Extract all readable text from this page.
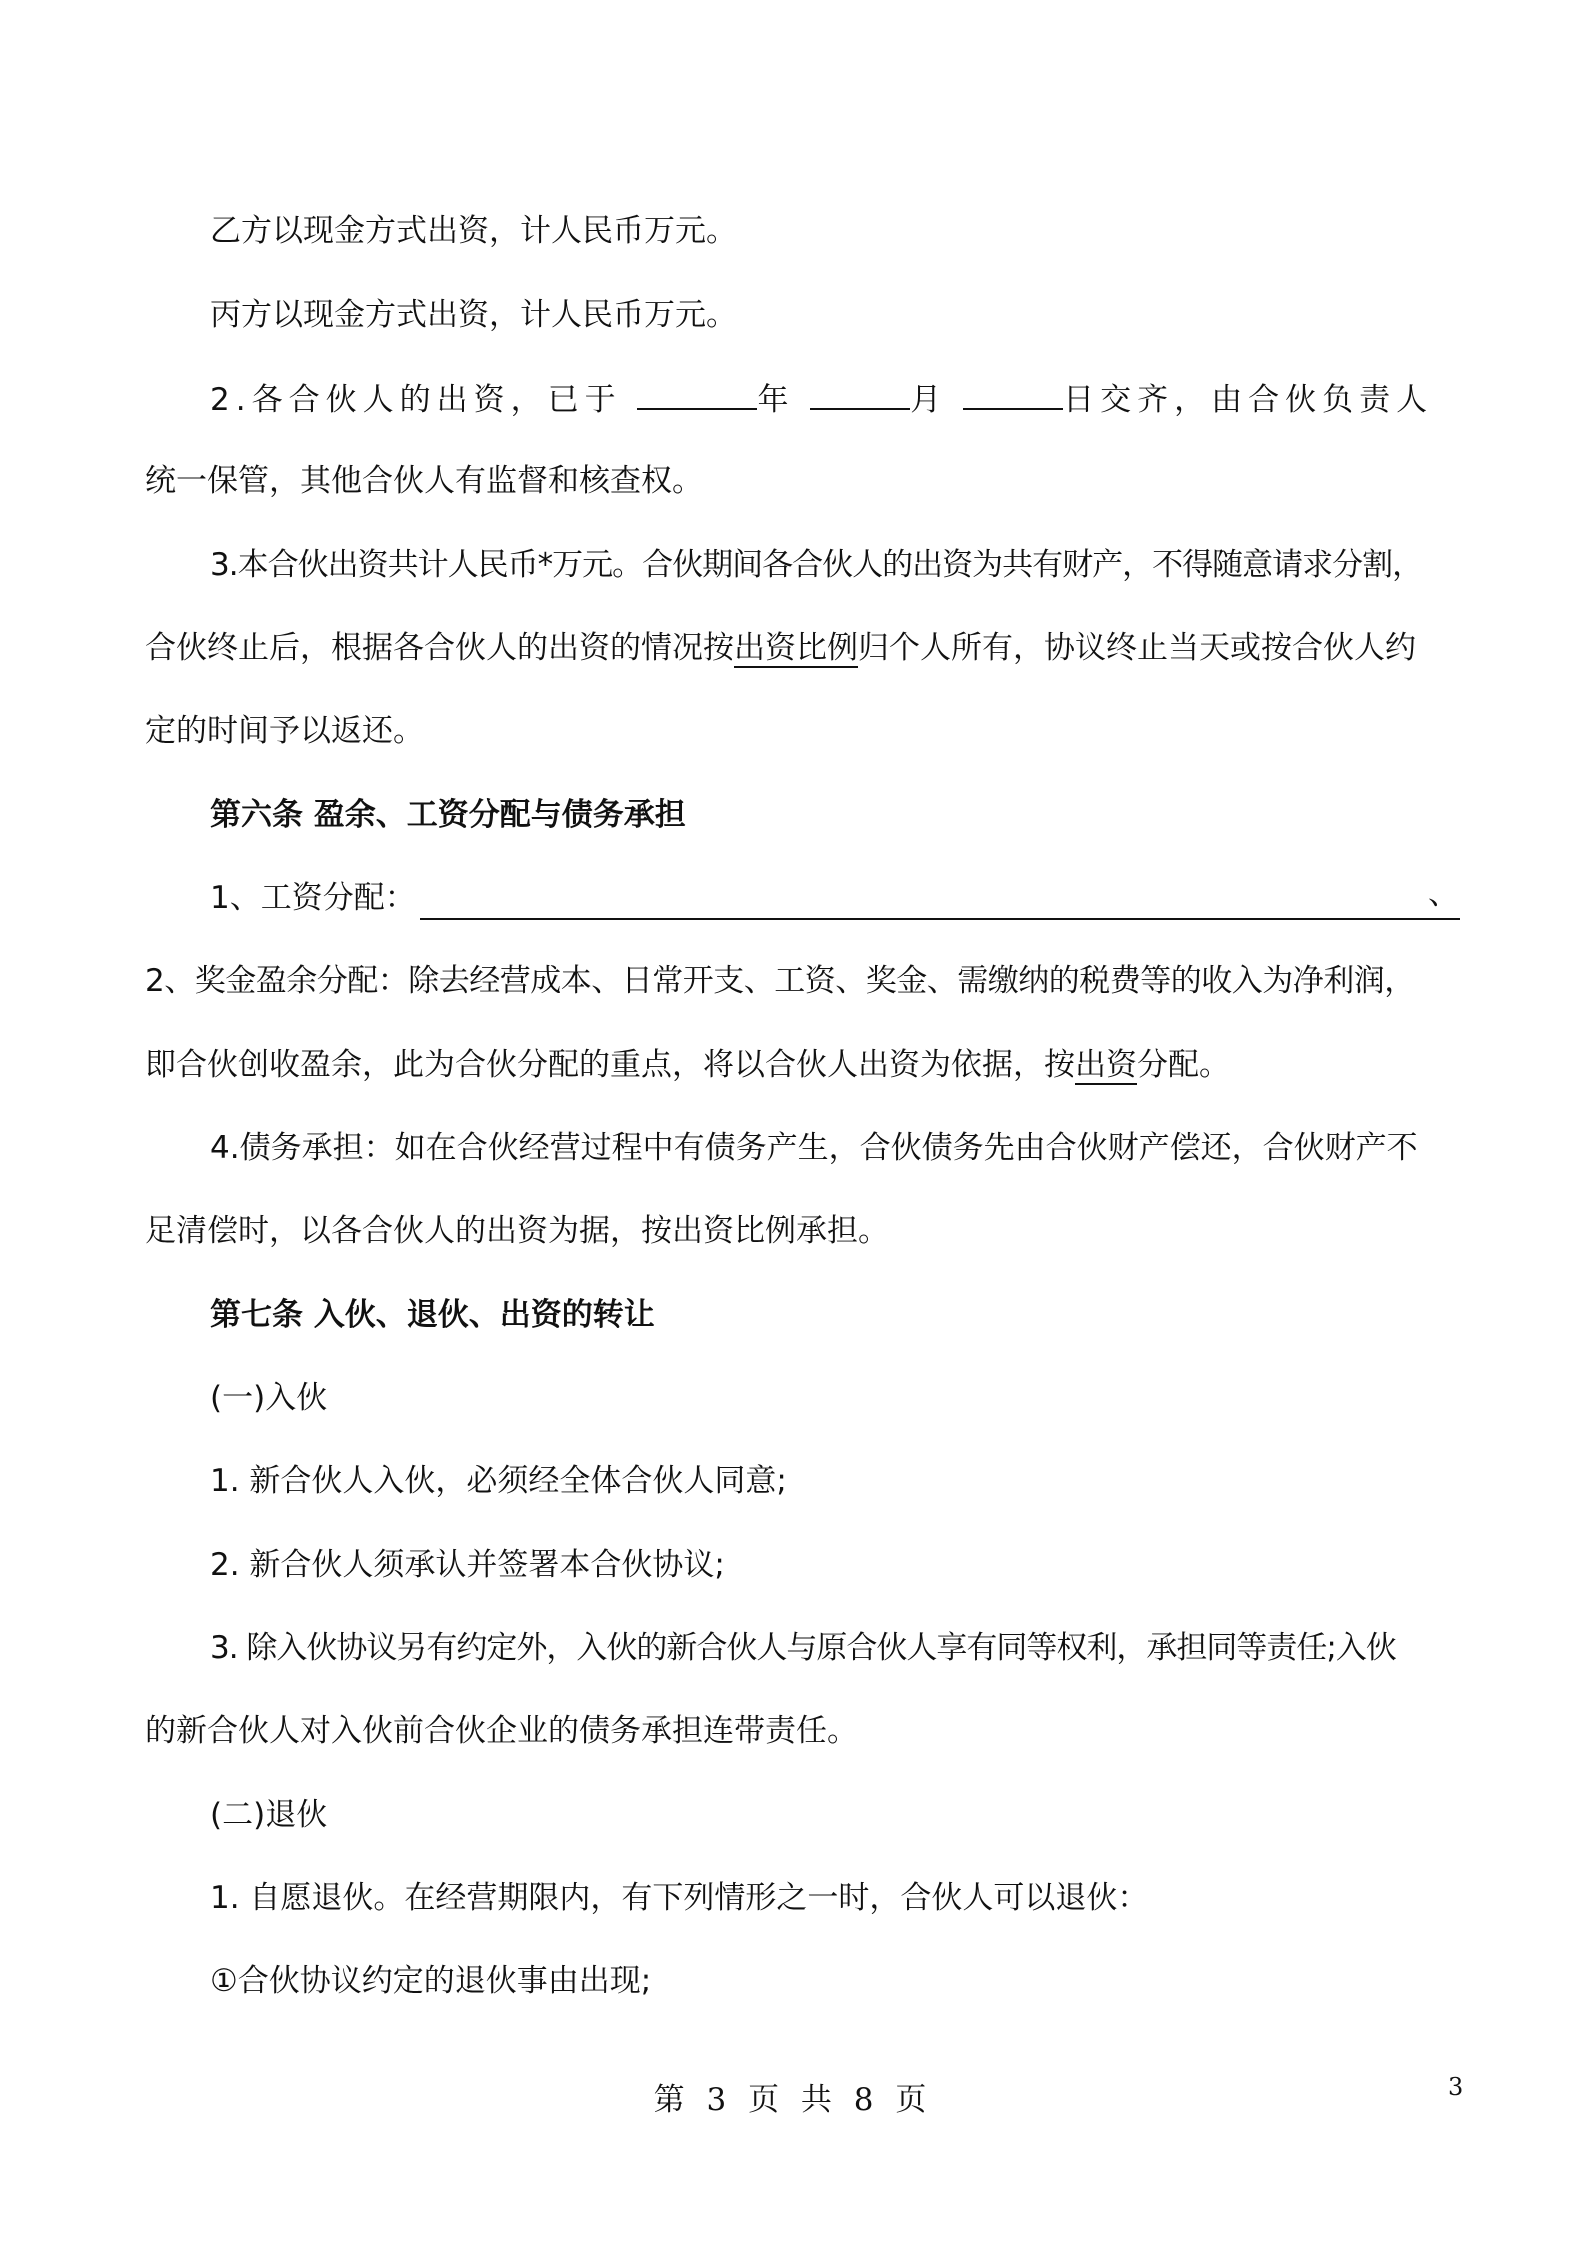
乙方以现金方式出资，计人民币万元。
丙方以现金方式出资，计人民币万元。
2.各合伙人的出资，已于	年	月	日交齐，由合伙负责人
统一保管，其他合伙人有监督和核查权。
3.本合伙出资共计人民币*万元。合伙期间各合伙人的出资为共有财产，不得随意请求分割，
合伙终止后，根据各合伙人的出资的情况按出资比例归个人所有，协议终止当天或按合伙人约
定的时间予以返还。
第六条 盈余、工资分配与债务承担
1、工资分配：	、
2、奖金盈余分配：除去经营成本、日常开支、工资、奖金、需缴纳的税费等的收入为净利润，
即合伙创收盈余，此为合伙分配的重点，将以合伙人出资为依据，按出资分配。
4.债务承担：如在合伙经营过程中有债务产生，合伙债务先由合伙财产偿还，合伙财产不
足清偿时，以各合伙人的出资为据，按出资比例承担。
第七条 入伙、退伙、出资的转让
(一)入伙
1. 新合伙人入伙，必须经全体合伙人同意;
2. 新合伙人须承认并签署本合伙协议;
3. 除入伙协议另有约定外，入伙的新合伙人与原合伙人享有同等权利，承担同等责任;入伙
的新合伙人对入伙前合伙企业的债务承担连带责任。
(二)退伙
1. 自愿退伙。在经营期限内，有下列情形之一时，合伙人可以退伙：
①合伙协议约定的退伙事由出现;
第 3 页 共 8 页	3
